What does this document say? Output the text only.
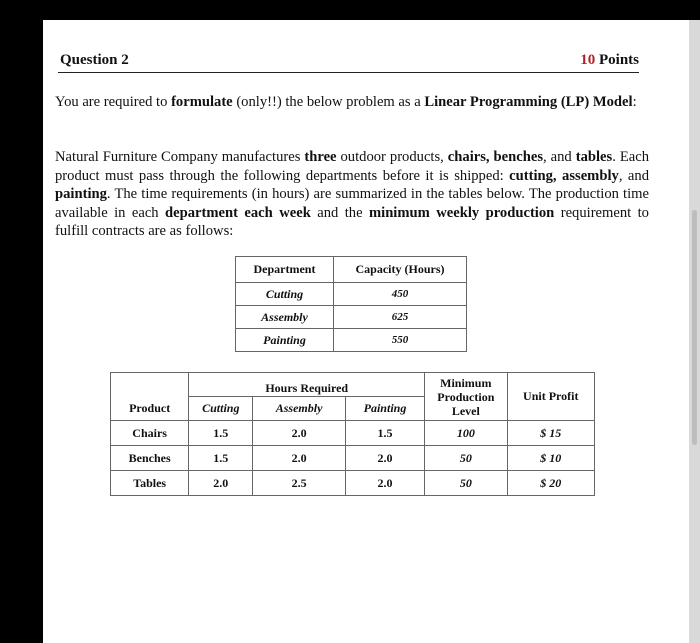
Question 2	10 Points
You are required to formulate (only!!) the below problem as a Linear Programming (LP) Model:
Natural Furniture Company manufactures three outdoor products, chairs, benches, and tables. Each product must pass through the following departments before it is shipped: cutting, assembly, and painting. The time requirements (in hours) are summarized in the tables below. The production time available in each department each week and the minimum weekly production requirement to fulfill contracts are as follows:
Department	Capacity (Hours)
Cutting	450
Assembly	625
Painting	550
	Hours Required			Minimum Production Level	Unit Profit
Product	Cutting	Assembly	Painting		
Chairs	1.5	2.0	1.5	100	$ 15
Benches	1.5	2.0	2.0	50	$ 10
Tables	2.0	2.5	2.0	50	$ 20
